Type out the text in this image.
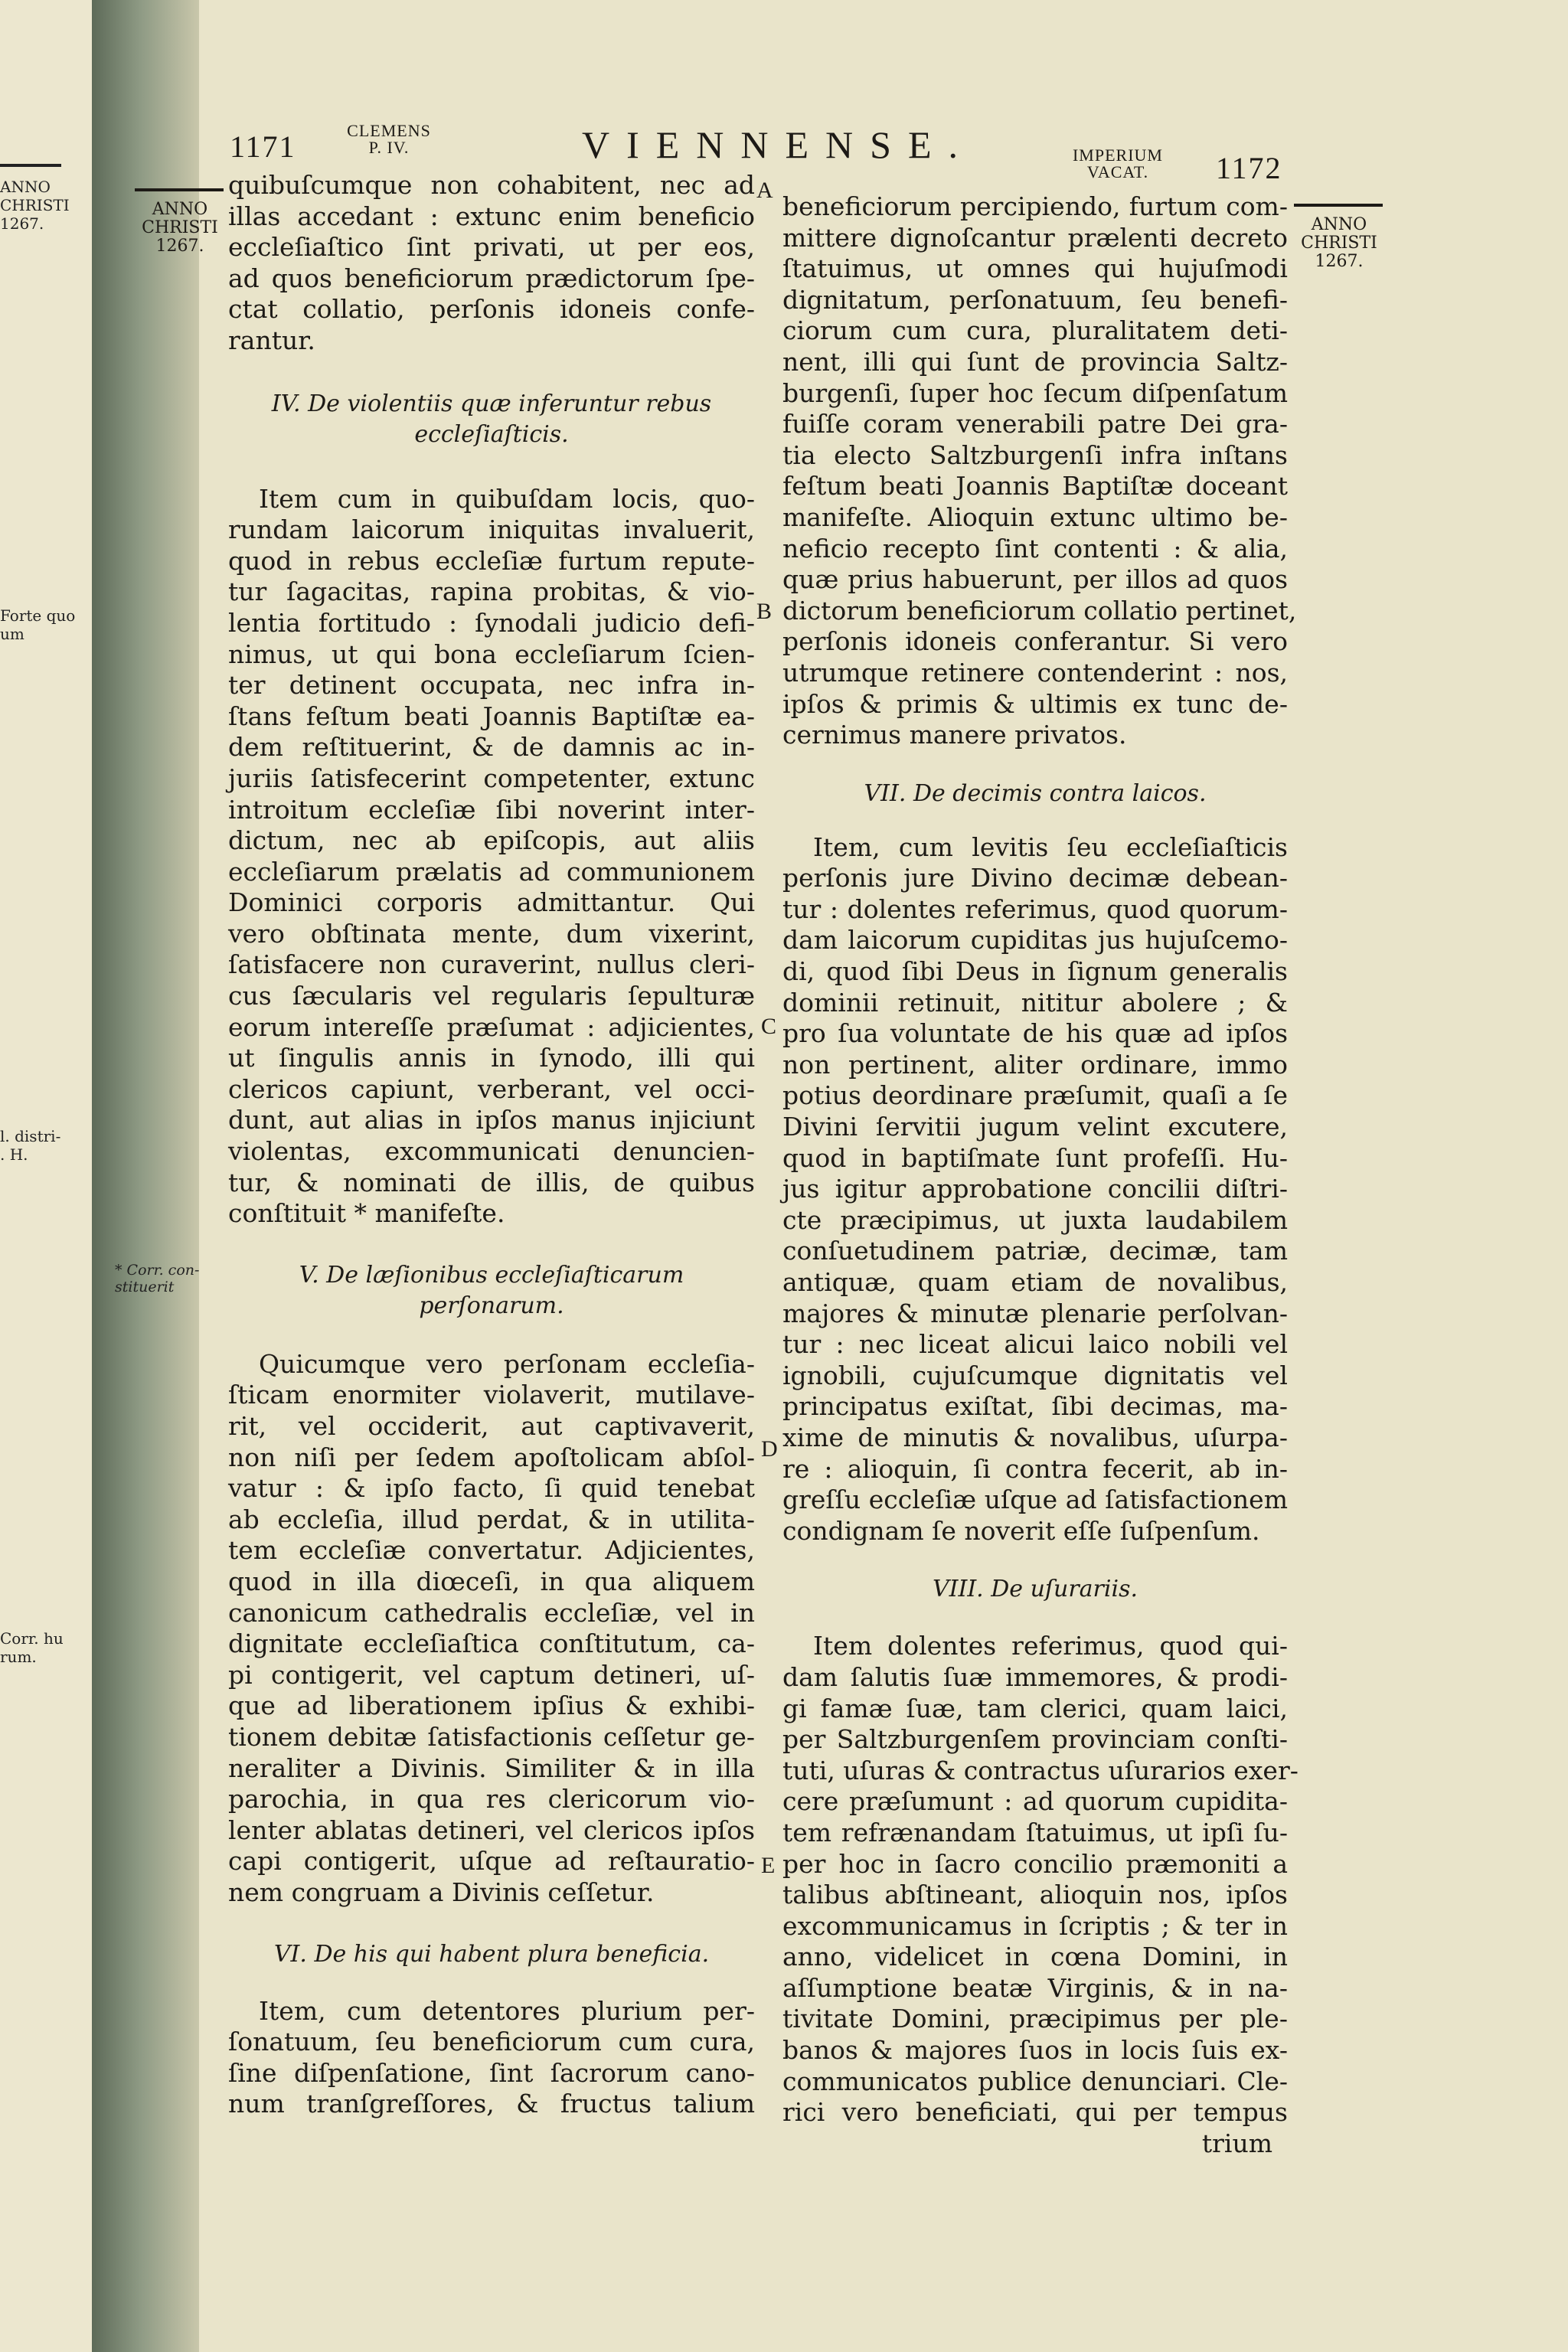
ANNO
CHRISTI
1267.
Forte quo
um
l. distri-
. H.
Corr. hu
rum.
1171	CLEMENS
P. IV.	VIENNENSE.	IMPERIUM
VACAT.	1172
ANNO
CHRISTI
1267.
ANNO
CHRISTI
1267.
* Corr. con-
stituerit
A
B
C
D
E
quibuſcumque non cohabitent, nec ad
illas accedant : extunc enim beneficio
eccleſiaſtico ſint privati, ut per eos,
ad quos beneficiorum prædictorum ſpe-
ctat collatio, perſonis idoneis confe-
rantur.
IV. De violentiis quæ inferuntur rebus eccleſiaſticis.
Item cum in quibuſdam locis, quo-
rundam laicorum iniquitas invaluerit,
quod in rebus eccleſiæ furtum repute-
tur ſagacitas, rapina probitas, & vio-
lentia fortitudo : ſynodali judicio defi-
nimus, ut qui bona eccleſiarum ſcien-
ter detinent occupata, nec infra in-
ſtans feſtum beati Joannis Baptiſtæ ea-
dem reſtituerint, & de damnis ac in-
juriis ſatisfecerint competenter, extunc
introitum eccleſiæ ſibi noverint inter-
dictum, nec ab epiſcopis, aut aliis
eccleſiarum prælatis ad communionem
Dominici corporis admittantur. Qui
vero obſtinata mente, dum vixerint,
ſatisfacere non curaverint, nullus cleri-
cus ſæcularis vel regularis ſepulturæ
eorum intereſſe præſumat : adjicientes,
ut ſingulis annis in ſynodo, illi qui
clericos capiunt, verberant, vel occi-
dunt, aut alias in ipſos manus injiciunt
violentas, excommunicati denuncien-
tur, & nominati de illis, de quibus
conſtituit * manifeſte.
V. De læſionibus eccleſiaſticarum perſonarum.
Quicumque vero perſonam eccleſia-
ſticam enormiter violaverit, mutilave-
rit, vel occiderit, aut captivaverit,
non niſi per ſedem apoſtolicam abſol-
vatur : & ipſo facto, ſi quid tenebat
ab eccleſia, illud perdat, & in utilita-
tem eccleſiæ convertatur. Adjicientes,
quod in illa diœceſi, in qua aliquem
canonicum cathedralis eccleſiæ, vel in
dignitate eccleſiaſtica conſtitutum, ca-
pi contigerit, vel captum detineri, uſ-
que ad liberationem ipſius & exhibi-
tionem debitæ ſatisfactionis ceſſetur ge-
neraliter a Divinis. Similiter & in illa
parochia, in qua res clericorum vio-
lenter ablatas detineri, vel clericos ipſos
capi contigerit, uſque ad reſtauratio-
nem congruam a Divinis ceſſetur.
VI. De his qui habent plura beneficia.
Item, cum detentores plurium per-
ſonatuum, ſeu beneficiorum cum cura,
ſine diſpenſatione, ſint ſacrorum cano-
num tranſgreſſores, & fructus talium
beneficiorum percipiendo, furtum com-
mittere dignoſcantur prælenti decreto
ſtatuimus, ut omnes qui hujuſmodi
dignitatum, perſonatuum, ſeu benefi-
ciorum cum cura, pluralitatem deti-
nent, illi qui ſunt de provincia Saltz-
burgenſi, ſuper hoc ſecum diſpenſatum
fuiſſe coram venerabili patre Dei gra-
tia electo Saltzburgenſi infra inſtans
feſtum beati Joannis Baptiſtæ doceant
manifeſte. Alioquin extunc ultimo be-
neficio recepto ſint contenti : & alia,
quæ prius habuerunt, per illos ad quos
dictorum beneficiorum collatio pertinet,
perſonis idoneis conferantur. Si vero
utrumque retinere contenderint : nos,
ipſos & primis & ultimis ex tunc de-
cernimus manere privatos.
VII. De decimis contra laicos.
Item, cum levitis ſeu eccleſiaſticis
perſonis jure Divino decimæ debean-
tur : dolentes referimus, quod quorum-
dam laicorum cupiditas jus hujuſcemo-
di, quod ſibi Deus in ſignum generalis
dominii retinuit, nititur abolere ; &
pro ſua voluntate de his quæ ad ipſos
non pertinent, aliter ordinare, immo
potius deordinare præſumit, quaſi a ſe
Divini ſervitii jugum velint excutere,
quod in baptiſmate ſunt profeſſi. Hu-
jus igitur approbatione concilii diſtri-
cte præcipimus, ut juxta laudabilem
conſuetudinem patriæ, decimæ, tam
antiquæ, quam etiam de novalibus,
majores & minutæ plenarie perſolvan-
tur : nec liceat alicui laico nobili vel
ignobili, cujuſcumque dignitatis vel
principatus exiſtat, ſibi decimas, ma-
xime de minutis & novalibus, uſurpa-
re : alioquin, ſi contra fecerit, ab in-
greſſu eccleſiæ uſque ad ſatisfactionem
condignam ſe noverit eſſe ſuſpenſum.
VIII. De uſurariis.
Item dolentes referimus, quod qui-
dam ſalutis ſuæ immemores, & prodi-
gi famæ ſuæ, tam clerici, quam laici,
per Saltzburgenſem provinciam conſti-
tuti, uſuras & contractus uſurarios exer-
cere præſumunt : ad quorum cupidita-
tem refrænandam ſtatuimus, ut ipſi ſu-
per hoc in ſacro concilio præmoniti a
talibus abſtineant, alioquin nos, ipſos
excommunicamus in ſcriptis ; & ter in
anno, videlicet in cœna Domini, in
aſſumptione beatæ Virginis, & in na-
tivitate Domini, præcipimus per ple-
banos & majores ſuos in locis ſuis ex-
communicatos publice denunciari. Cle-
rici vero beneficiati, qui per tempus
trium
